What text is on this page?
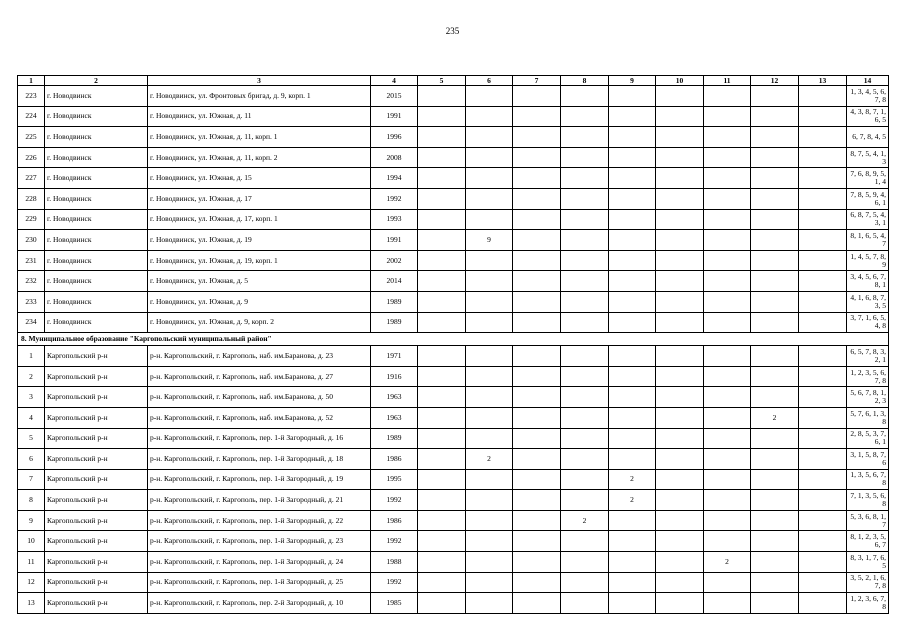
235
1	2	3	4	5	6	7	8	9	10	11	12	13	14
223	г. Новодвинск	г. Новодвинск, ул. Фронтовых бригад, д. 9, корп. 1	2015										1, 3, 4, 5, 6, 7, 8
224	г. Новодвинск	г. Новодвинск, ул. Южная, д. 11	1991										4, 3, 8, 7, 1, 6, 5
225	г. Новодвинск	г. Новодвинск, ул. Южная, д. 11, корп. 1	1996										6, 7, 8, 4, 5
226	г. Новодвинск	г. Новодвинск, ул. Южная, д. 11, корп. 2	2008										8, 7, 5, 4, 1, 3
227	г. Новодвинск	г. Новодвинск, ул. Южная, д. 15	1994										7, 6, 8, 9, 5, 1, 4
228	г. Новодвинск	г. Новодвинск, ул. Южная, д. 17	1992										7, 8, 5, 9, 4, 6, 1
229	г. Новодвинск	г. Новодвинск, ул. Южная, д. 17, корп. 1	1993										6, 8, 7, 5, 4, 3, 1
230	г. Новодвинск	г. Новодвинск, ул. Южная, д. 19	1991		9								8, 1, 6, 5, 4, 7
231	г. Новодвинск	г. Новодвинск, ул. Южная, д. 19, корп. 1	2002										1, 4, 5, 7, 8, 9
232	г. Новодвинск	г. Новодвинск, ул. Южная, д. 5	2014										3, 4, 5, 6, 7, 8, 1
233	г. Новодвинск	г. Новодвинск, ул. Южная, д. 9	1989										4, 1, 6, 8, 7, 3, 5
234	г. Новодвинск	г. Новодвинск, ул. Южная, д. 9, корп. 2	1989										3, 7, 1, 6, 5, 4, 8
8. Муниципальное образование "Каргопольский муниципальный район"													
1	Каргопольский р-н	р-н. Каргопольский, г. Каргополь, наб. им.Баранова, д. 23	1971										6, 5, 7, 8, 3, 2, 1
2	Каргопольский р-н	р-н. Каргопольский, г. Каргополь, наб. им.Баранова, д. 27	1916										1, 2, 3, 5, 6, 7, 8
3	Каргопольский р-н	р-н. Каргопольский, г. Каргополь, наб. им.Баранова, д. 50	1963										5, 6, 7, 8, 1, 2, 3
4	Каргопольский р-н	р-н. Каргопольский, г. Каргополь, наб. им.Баранова, д. 52	1963								2		5, 7, 6, 1, 3, 8
5	Каргопольский р-н	р-н. Каргопольский, г. Каргополь, пер. 1-й Загородный, д. 16	1989										2, 8, 5, 3, 7, 6, 1
6	Каргопольский р-н	р-н. Каргопольский, г. Каргополь, пер. 1-й Загородный, д. 18	1986		2								3, 1, 5, 8, 7, 6
7	Каргопольский р-н	р-н. Каргопольский, г. Каргополь, пер. 1-й Загородный, д. 19	1995					2					1, 3, 5, 6, 7, 8
8	Каргопольский р-н	р-н. Каргопольский, г. Каргополь, пер. 1-й Загородный, д. 21	1992					2					7, 1, 3, 5, 6, 8
9	Каргопольский р-н	р-н. Каргопольский, г. Каргополь, пер. 1-й Загородный, д. 22	1986				2						5, 3, 6, 8, 1, 7
10	Каргопольский р-н	р-н. Каргопольский, г. Каргополь, пер. 1-й Загородный, д. 23	1992										8, 1, 2, 3, 5, 6, 7
11	Каргопольский р-н	р-н. Каргопольский, г. Каргополь, пер. 1-й Загородный, д. 24	1988							2			8, 3, 1, 7, 6, 5
12	Каргопольский р-н	р-н. Каргопольский, г. Каргополь, пер. 1-й Загородный, д. 25	1992										3, 5, 2, 1, 6, 7, 8
13	Каргопольский р-н	р-н. Каргопольский, г. Каргополь, пер. 2-й Загородный, д. 10	1985										1, 2, 3, 6, 7, 8
